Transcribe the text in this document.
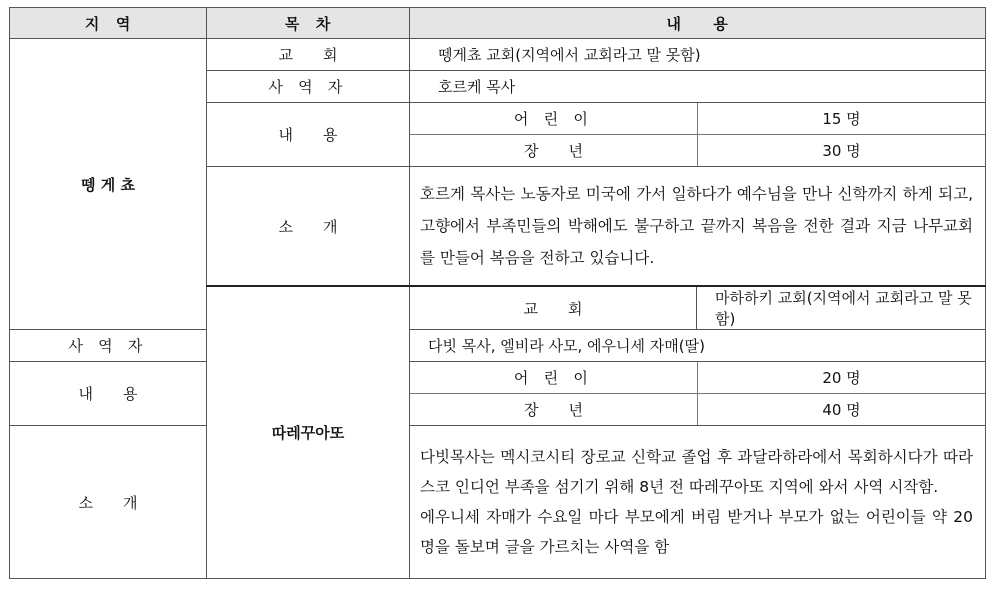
지　역	목　차	내　　용
뗑 게 쵸	교　　회	뗑게쵸 교회(지역에서 교회라고 말 못함)
사 역 자	호르케 목사
내　　용	
어 린 이	15 명
장　　년	30 명

소　　개	호르게 목사는 노동자로 미국에 가서 일하다가 예수님을 만나 신학까지 하게 되고, 고향에서 부족민들의 박해에도 불구하고 끝까지 복음을 전한 결과 지금 나무교회를 만들어 복음을 전하고 있습니다.
따레꾸아또	교　　회	마하하키 교회(지역에서 교회라고 말 못함)
사 역 자	다빗 목사, 엘비라 사모, 에우니세 자매(딸)
내　　용	
어 린 이	20 명
장　　년	40 명

소　　개	
다빗목사는 멕시코시티 장로교 신학교 졸업 후 과달라하라에서 목회하시다가 따라스코 인디언 부족을 섬기기 위해 8년 전 따레꾸아또 지역에 와서 사역 시작함.
에우니세 자매가 수요일 마다 부모에게 버림 받거나 부모가 없는 어린이들 약 20명을 돌보며 글을 가르치는 사역을 함
